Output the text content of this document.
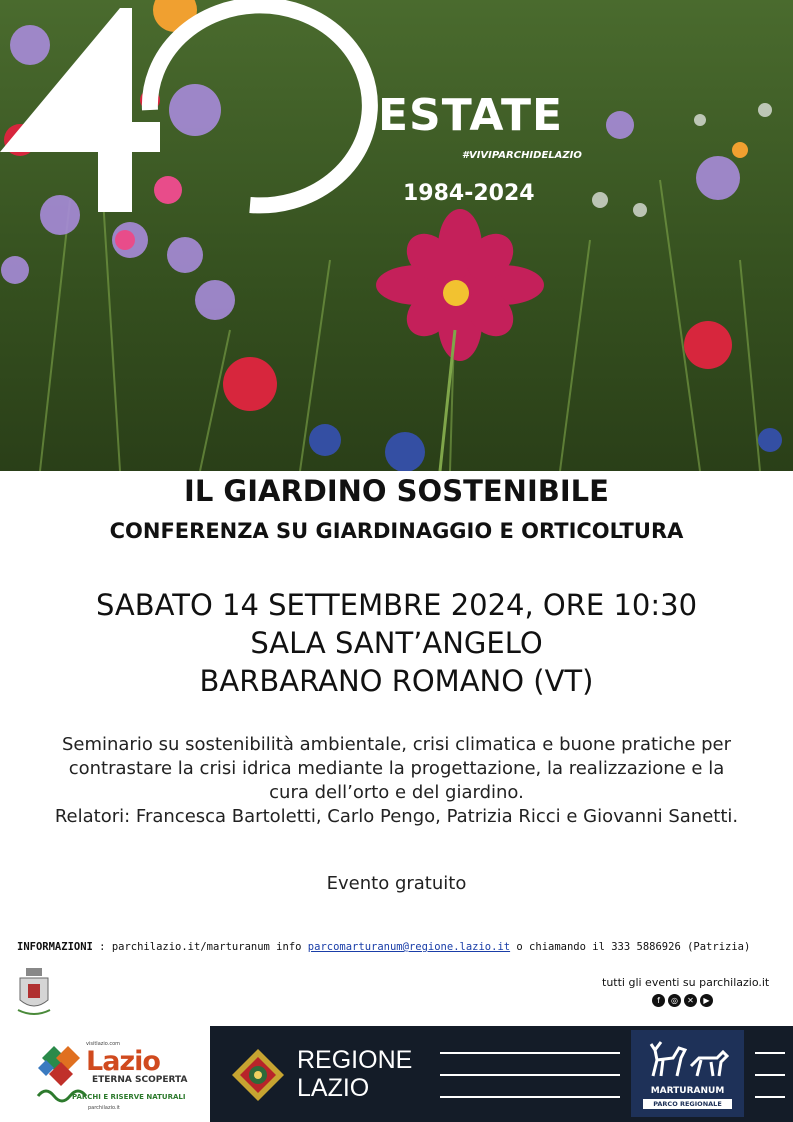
ESTATE
#VIVIPARCHIDELAZIO
1984-2024
IL GIARDINO SOSTENIBILE
CONFERENZA SU GIARDINAGGIO E ORTICOLTURA
SABATO 14 SETTEMBRE 2024, ORE 10:30
SALA SANT’ANGELO
BARBARANO ROMANO (VT)
Seminario su sostenibilità ambientale, crisi climatica e buone pratiche per
contrastare la crisi idrica mediante la progettazione, la realizzazione e la
cura dell’orto e del giardino.
Relatori: Francesca Bartoletti, Carlo Pengo, Patrizia Ricci e Giovanni Sanetti.
Evento gratuito
INFORMAZIONI : parchilazio.it/marturanum info parcomarturanum@regione.lazio.it o chiamando il 333 5886926 (Patrizia)
tutti gli eventi su parchilazio.it
f	◎	✕	▶
visitlazio.com
Lazio
ETERNA SCOPERTA
PARCHI E RISERVE NATURALI
parchilazio.it
REGIONE
LAZIO	MARTURANUM
PARCO REGIONALE
